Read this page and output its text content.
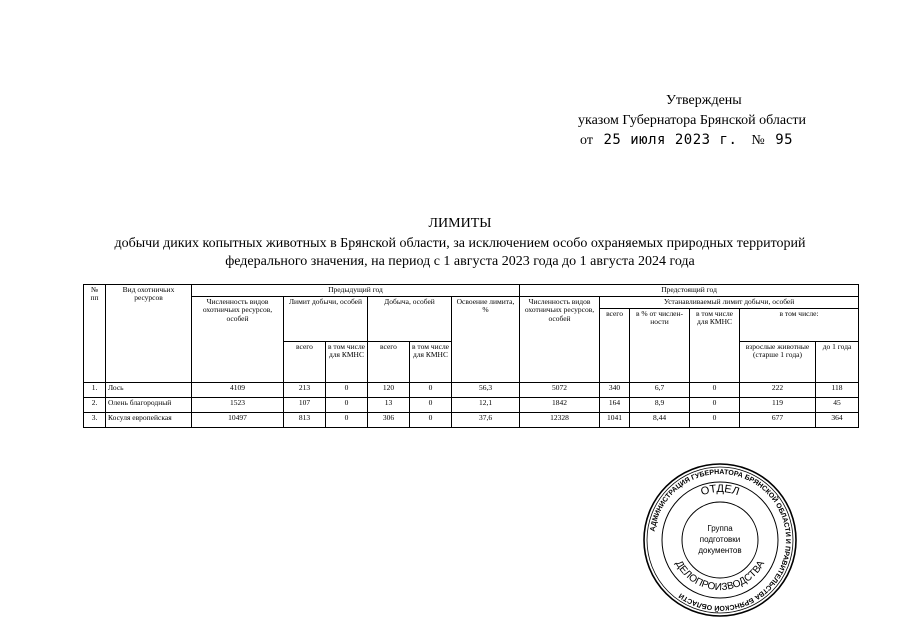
Утверждены
указом Губернатора Брянской области
от 25 июля 2023 г. № 95
ЛИМИТЫ
добычи диких копытных животных в Брянской области, за исключением особо охраняемых природных территорий
федерального значения, на период с 1 августа 2023 года до 1 августа 2024 года
№ пп	Вид охотничьих ресурсов	Предыдущий год						Предстоящий год					
		Численность видов охотничьих ресурсов, особей	Лимит добычи, особей		Добыча, особей		Освоение лимита, %	Численность видов охотничьих ресурсов, особей	Устанавливаемый лимит добычи, особей				
									всего	в % от числен- ности	в том числе для КМНС	в том числе:	
			всего	в том числе для КМНС	всего	в том числе для КМНС						взрослые животные (старше 1 года)	до 1 года
1.	Лось	4109	213	0	120	0	56,3	5072	340	6,7	0	222	118
2.	Олень благородный	1523	107	0	13	0	12,1	1842	164	8,9	0	119	45
3.	Косуля европейская	10497	813	0	306	0	37,6	12328	1041	8,44	0	677	364
АДМИНИСТРАЦИЯ ГУБЕРНАТОРА БРЯНСКОЙ ОБЛАСТИ И ПРАВИТЕЛЬСТВА БРЯНСКОЙ ОБЛАСТИ
ОТДЕЛ
ДЕЛОПРОИЗВОДСТВА
Группа
подготовки
документов
